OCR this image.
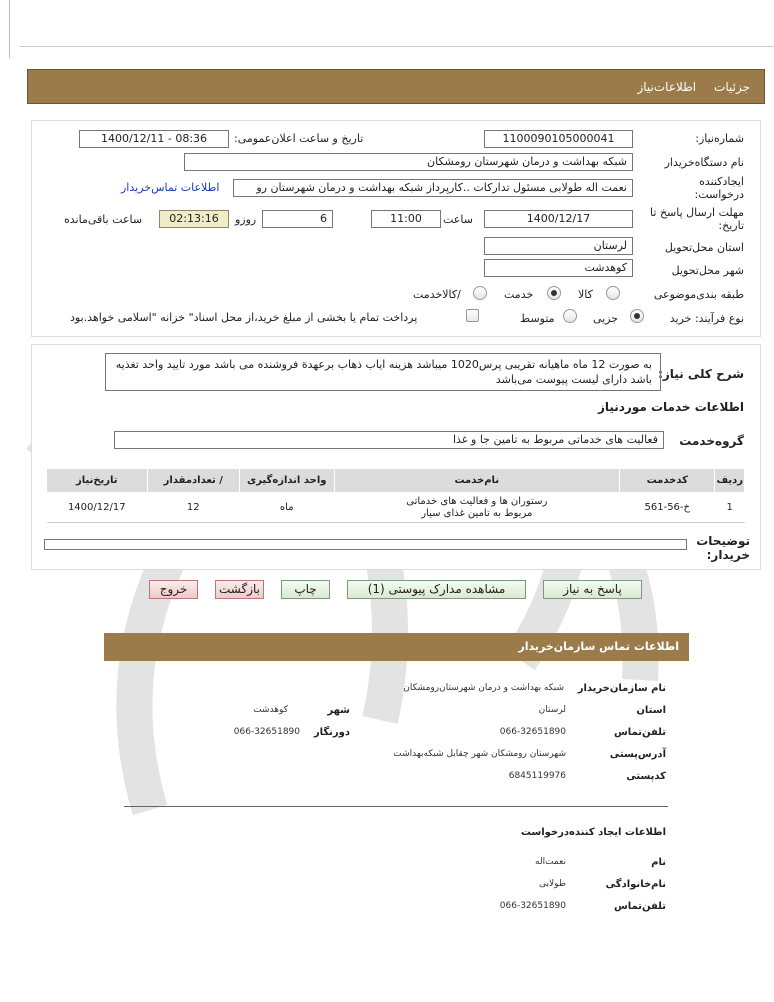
جزئیات
اطلاعات‌نیاز
شماره‌نیاز:
1100090105000041
تاریخ و ساعت اعلان‌عمومی:
1400/12/11 - 08:36
نام دستگاه‌خریدار
شبکه بهداشت و درمان شهرستان رومشکان
ایجادکننده درخواست:
نعمت اله طولابی مسئول تدارکات ..کارپرداز شبکه بهداشت و درمان شهرستان رو
اطلاعات تماس‌خریدار
مهلت ارسال پاسخ تا تاریخ:
1400/12/17
ساعت
11:00
6
روزو
02:13:16
ساعت باقی‌مانده
استان محل‌تحویل
لرستان
شهر محل‌تحویل
کوهدشت
طبقه بندی‌موضوعی
کالا
خدمت
/کالاخدمت
نوع فرآیند: خرید
جزیی
متوسط
پرداخت تمام یا بخشی از مبلغ خرید،از محل اسناد" خزانه "اسلامی خواهد.بود
شرح کلی نیاز:
به صورت 12 ماه ماهیانه تقریبی پرس1020 میباشد هزینه ایاب ذهاب برعهدة فروشنده می باشد مورد تایید واحد تغذیه باشد دارای لیست پیوست می‌باشد
اطلاعات خدمات موردنیاز
گروه‌خدمت
فعالیت های خدماتی مربوط به تامین جا و غذا
ردیف	کدخدمت	نام‌خدمت	واحد اندازه‌گیری	/ تعدادمقدار	تاریخ‌نیاز
1	خ-56-561	رستوران ها و فعالیت های خدماتی مربوط به تامین غذای سیار	ماه	12	1400/12/17
توضیحات خریدار:
پاسخ به نیاز
مشاهده مدارک پیوستی (1)
چاپ
بازگشت
خروج
اطلاعات تماس سازمان‌خریدار
نام سازمان‌خریدار
شبکه بهداشت و درمان شهرستان‌رومشکان
استان
لرستان
شهر
کوهدشت
تلفن‌تماس
066-32651890
دورنگار
066-32651890
آدرس‌پستی
شهرستان رومشکان شهر چقابل شبکه‌بهداشت
کدپستی
6845119976
اطلاعات ایجاد کننده‌درخواست
نام
نعمت‌اله
نام‌خانوادگی
طولابی
تلفن‌تماس
066-32651890
